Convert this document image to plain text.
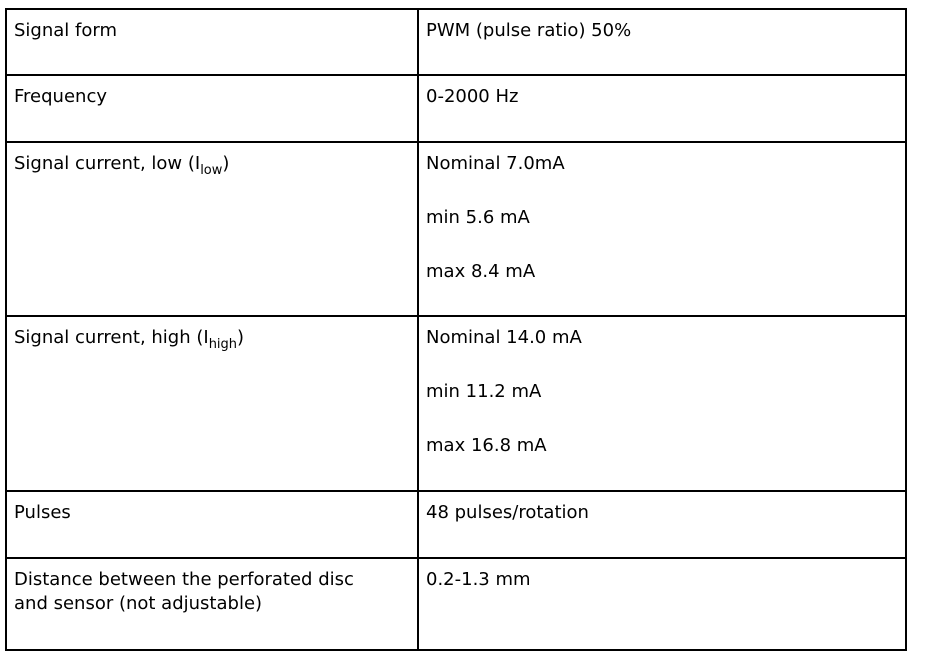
Signal form	PWM (pulse ratio) 50%
Frequency	0-2000 Hz
Signal current, low $(I_{low})$	Nominal 7.0mA
min 5.6 mA
max 8.4 mA

Signal current, high $(I_{high})$	Nominal 14.0 mA
min 11.2 mA
max 16.8 mA

Pulses	48 pulses/rotation

Distance between the perforated disc
and sensor (not adjustable)	0.2-1.3 mm
